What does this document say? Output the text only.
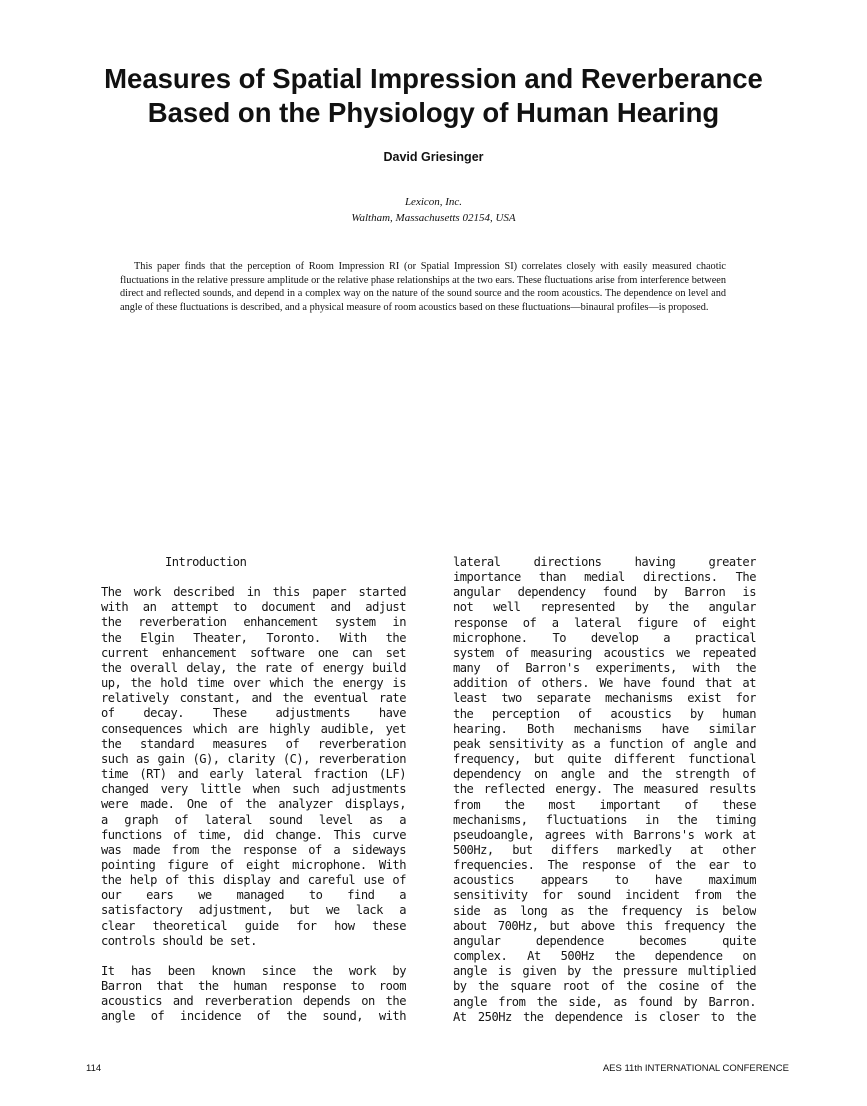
Measures of Spatial Impression and Reverberance
Based on the Physiology of Human Hearing
David Griesinger
Lexicon, Inc.
Waltham, Massachusetts 02154, USA

This paper finds that the perception of Room Impression RI (or Spatial Impression SI) correlates closely with easily measured chaotic fluctuations in the relative pressure amplitude or the relative phase relationships at the two ears. These fluctuations arise from interference between direct and reflected sounds, and depend in a complex way on the nature of the sound source and the room acoustics. The dependence on level and angle of these fluctuations is described, and a physical measure of room acoustics based on these fluctuations—binaural profiles—is proposed.

Introduction
The work described in this paper started
with an attempt to document and adjust
the reverberation enhancement system in
the Elgin Theater, Toronto. With the
current enhancement software one can set
the overall delay, the rate of energy build
up, the hold time over which the energy is
relatively constant, and the eventual rate
of decay. These adjustments have
consequences which are highly audible, yet
the standard measures of reverberation
such as gain (G), clarity (C), reverberation
time (RT) and early lateral fraction (LF)
changed very little when such adjustments
were made. One of the analyzer displays,
a graph of lateral sound level as a
functions of time, did change. This curve
was made from the response of a sideways
pointing figure of eight microphone. With
the help of this display and careful use of
our ears we managed to find a
satisfactory adjustment, but we lack a
clear theoretical guide for how these
controls should be set.
It has been known since the work by
Barron that the human response to room
acoustics and reverberation depends on the
angle of incidence of the sound, with
lateral directions having greater
importance than medial directions. The
angular dependency found by Barron is
not well represented by the angular
response of a lateral figure of eight
microphone. To develop a practical
system of measuring acoustics we repeated
many of Barron's experiments, with the
addition of others. We have found that at
least two separate mechanisms exist for
the perception of acoustics by human
hearing. Both mechanisms have similar
peak sensitivity as a function of angle and
frequency, but quite different functional
dependency on angle and the strength of
the reflected energy. The measured results
from the most important of these
mechanisms, fluctuations in the timing
pseudoangle, agrees with Barrons's work at
500Hz, but differs markedly at other
frequencies. The response of the ear to
acoustics appears to have maximum
sensitivity for sound incident from the
side as long as the frequency is below
about 700Hz, but above this frequency the
angular dependence becomes quite
complex. At 500Hz the dependence on
angle is given by the pressure multiplied
by the square root of the cosine of the
angle from the side, as found by Barron.
At 250Hz the dependence is closer to the
114	AES 11th INTERNATIONAL CONFERENCE
